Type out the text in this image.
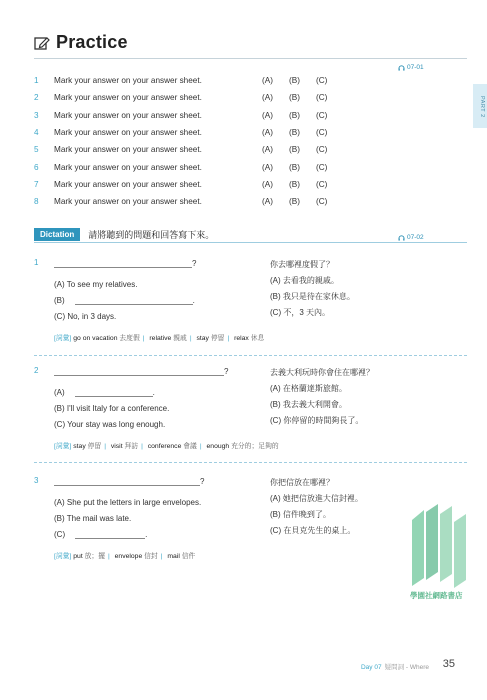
Practice
07-01
PART 2
1	Mark your answer on your answer sheet.	(A)	(B)	(C)
2	Mark your answer on your answer sheet.	(A)	(B)	(C)
3	Mark your answer on your answer sheet.	(A)	(B)	(C)
4	Mark your answer on your answer sheet.	(A)	(B)	(C)
5	Mark your answer on your answer sheet.	(A)	(B)	(C)
6	Mark your answer on your answer sheet.	(A)	(B)	(C)
7	Mark your answer on your answer sheet.	(A)	(B)	(C)
8	Mark your answer on your answer sheet.	(A)	(B)	(C)
Dictation	請將聽到的問題和回答寫下來。	07-02
1	?
(A) To see my relatives.
(B)	.
(C) No, in 3 days.
你去哪裡度假了？
(A) 去看我的親戚。
(B) 我只是待在家休息。
(C) 不，3 天內。
[詞彙] go on vacation 去度假 | relative 親戚 | stay 停留 | relax 休息
2	?
(A)	.
(B) I'll visit Italy for a conference.
(C) Your stay was long enough.
去義大利玩時你會住在哪裡？
(A) 在格蘭達斯旅館。
(B) 我去義大利開會。
(C) 你停留的時間夠長了。
[詞彙] stay 停留 | visit 拜訪 | conference 會議 | enough 充分的；足夠的
3	?
(A) She put the letters in large envelopes.
(B) The mail was late.
(C)	.
你把信放在哪裡？
(A) 她把信放進大信封裡。
(B) 信件晚到了。
(C) 在貝克先生的桌上。
[詞彙] put 放；擺 | envelope 信封 | mail 信件
學園社網路書店
Day 07 疑問詞 - Where 35
